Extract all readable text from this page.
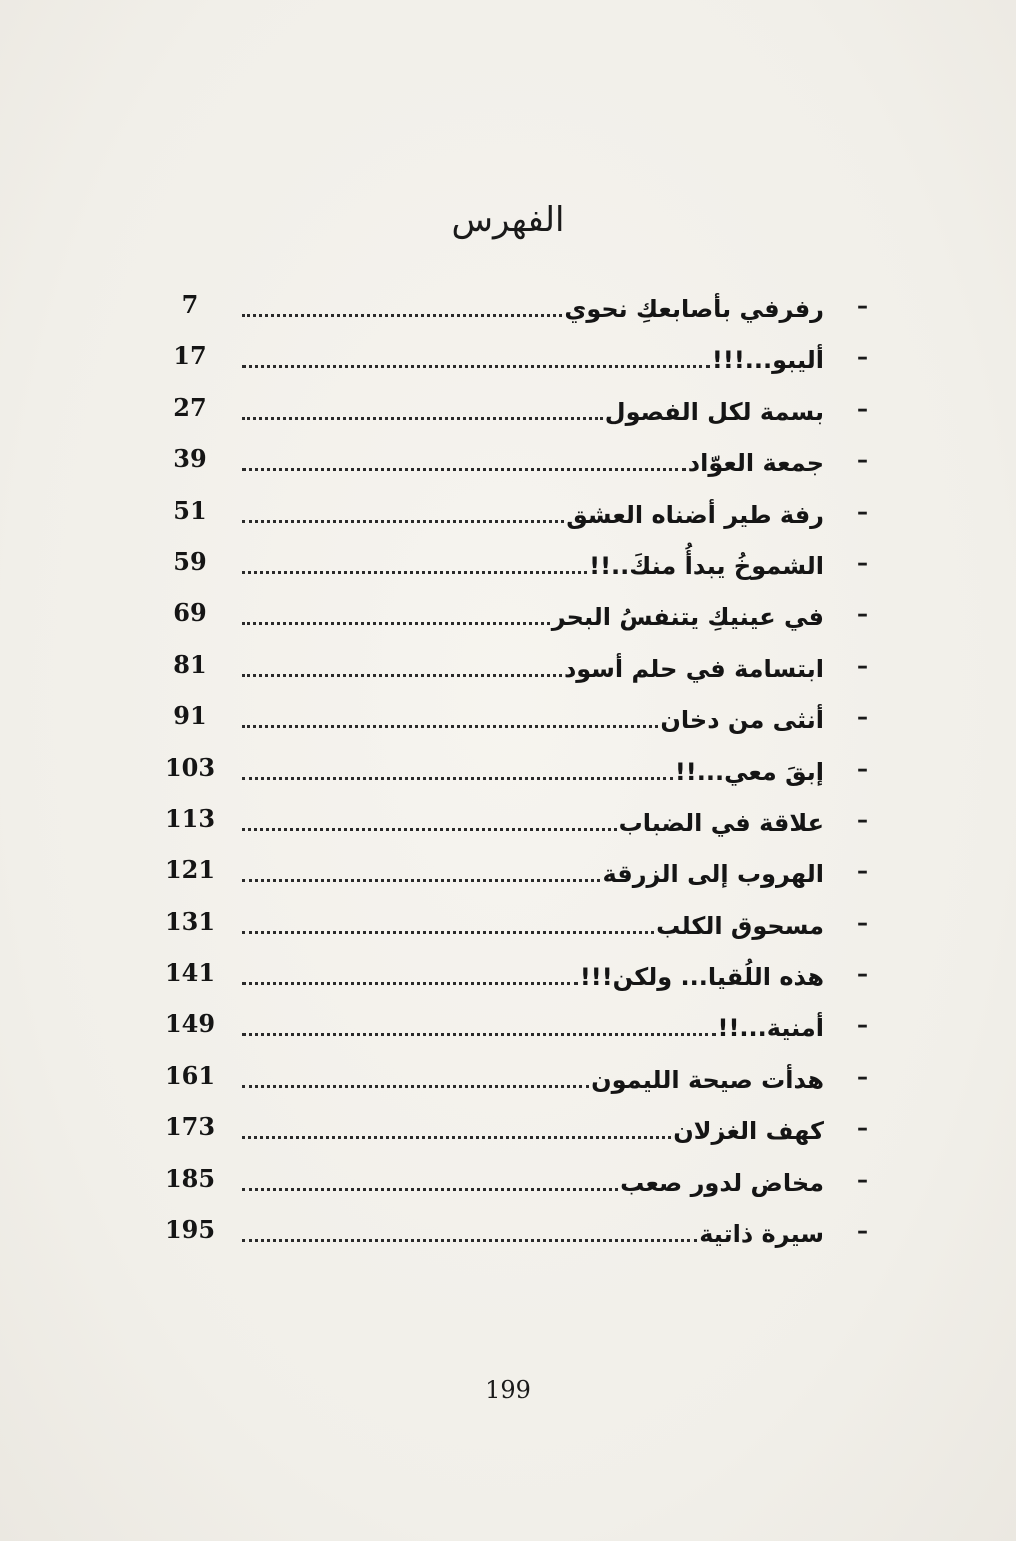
الفهرس
–
رفرفي بأصابعكِ نحوي
7
–
أليبو...!!!
17
–
بسمة لكل الفصول
27
–
جمعة العوّاد
39
–
رفة طير أضناه العشق
51
–
الشموخُ يبدأُ منكَ..!!
59
–
في عينيكِ يتنفسُ البحر
69
–
ابتسامة في حلم أسود
81
–
أنثى من دخان
91
–
إبقَ معي...!!
103
–
علاقة في الضباب
113
–
الهروب إلى الزرقة
121
–
مسحوق الكلب
131
–
هذه اللُقيا... ولكن!!!
141
–
أمنية...!!
149
–
هدأت صيحة الليمون
161
–
كهف الغزلان
173
–
مخاض لدور صعب
185
–
سيرة ذاتية
195
199
